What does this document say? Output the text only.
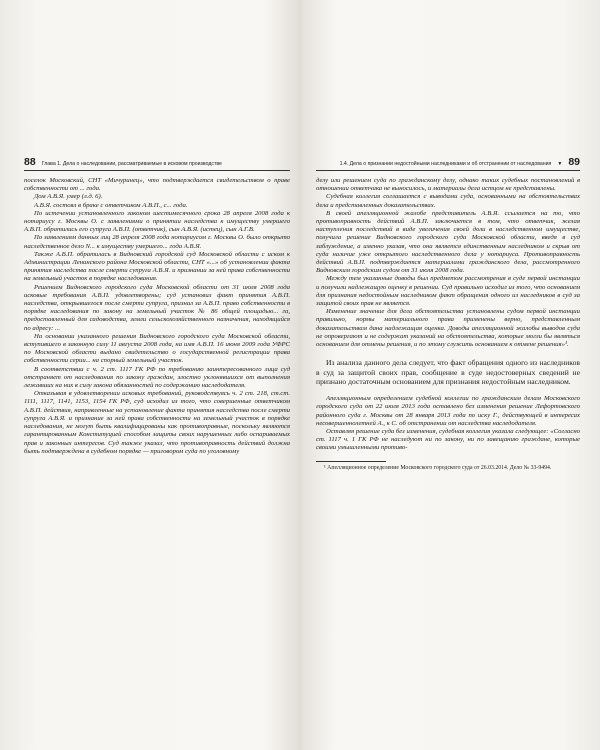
88 Глава 1. Дела о наследовании, рассматриваемые в исковом производстве

поселок Московский, СНТ «Мичуринец», что подтверждается свидетельством о праве собственности от ... года.

Дом А.В.Я. умер (л.д. 6).

А.В.Я. состоял в браке с ответчиком А.В.П., с... года.

По истечении установленного законом шестимесячного срока 28 апреля 2008 года к нотариусу г. Москвы О. с заявлениями о принятии наследства к имуществу умершего А.В.П. обратились его супруга А.В.П. (ответчик), сын А.В.Я. (истец), сын А.Г.В.

По заявлениям данных лиц 28 апреля 2008 года нотариусом г. Москвы О. было открыто наследственное дело N... к имуществу умершего... года А.В.Я.

Также А.В.П. обратилась в Видновский городской суд Московской области с иском к Администрации Ленинского района Московской области, СНТ «...» об установлении факта принятия наследства после смерти супруга А.В.Я. и признании за ней права собственности на земельный участок в порядке наследования.

Решением Видновского городского суда Московской области от 31 июля 2008 года исковые требования А.В.П. удовлетворены; суд установил факт принятия А.В.П. наследства, открывшегося после смерти супруга, признал за А.В.П. право собственности в порядке наследования по закону на земельный участок № 86 общей площадью... га, предоставленный для садоводства, земли сельскохозяйственного назначения, находящийся по адресу: ...

На основании указанного решения Видновского городского суда Московской области, вступившего в законную силу 11 августа 2008 года, на имя А.В.П. 16 июня 2009 года УФРС по Московской области выдано свидетельство о государственной регистрации права собственности серии... на спорный земельный участок.

В соответствии с ч. 2 ст. 1117 ГК РФ по требованию заинтересованного лица суд отстраняет от наследования по закону граждан, злостно уклонявшихся от выполнения лежавших на них в силу закона обязанностей по содержанию наследодателя.

Отказывая в удовлетворении исковых требований, руководствуясь ч. 2 ст. 218, ст.ст. 1111, 1117, 1141, 1153, 1154 ГК РФ, суд исходил из того, что совершенные ответчиком А.В.П. действия, направленные на установление факта принятия наследства после смерти супруга А.В.Я. и признание за ней права собственности на земельный участок в порядке наследования, не могут быть квалифицированы как противоправные, поскольку являются гарантированным Конституцией способом защиты своих нарушенных либо оспариваемых прав и законных интересов. Суд также указал, что противоправность действий должна быть подтверждена в судебном порядке — приговором суда по уголовному

1.4. Дела о признании недостойными наследниками и об отстранении от наследования ▼ 89

делу или решением суда по гражданскому делу, однако таких судебных постановлений в отношении ответчика не выносилось, и материалы дела истцом не представлены.

Судебная коллегия соглашается с выводами суда, основанными на обстоятельствах дела и представленных доказательствах.

В своей апелляционной жалобе представитель А.В.Я. ссылается на то, что противоправность действий А.В.П. заключается в том, что ответчик, желая наступления последствий в виде увеличения своей доли в наследственном имуществе, получила решение Видновского городского суда Московской области, введя в суд заблуждение, а именно указав, что она является единственным наследником и скрыв от суда наличие уже открытого наследственного дела у нотариуса. Противоправность действий А.В.П. подтверждается материалами гражданского дела, рассмотренного Видновским городским судом от 31 июля 2008 года.

Между тем указанные доводы был предметом рассмотрения в суде первой инстанции и получили надлежащую оценку в решении. Суд правильно исходил из того, что основанием для признания недостойным наследником факт обращения одного из наследников в суд за защитой своих прав не является.

Изменение значение для дела обстоятельства установлены судом первой инстанции правильно, нормы материального права применены верно, представленным доказательствам дана надлежащая оценка. Доводы апелляционной жалобы выводов суда не опровергают и не содержат указаний на обстоятельства, которые могли бы являться основанием для отмены решения, и по этому служить основанием к отмене решения»¹.

Из анализа данного дела следует, что факт обращения одного из наследников в суд за защитой своих прав, сообщение в суде недостоверных сведений не признано достаточным основанием для признания недостойным наследником.

Апелляционным определением судебной коллегии по гражданским делам Московского городского суда от 22 июля 2013 года оставлено без изменения решение Лефортовского районного суда г. Москвы от 28 января 2013 года по иску Г., действующей в интересах несовершеннолетней А., к С. об отстранении от наследства наследодателя.

Оставляя решение суда без изменения, судебная коллегия указала следующее: «Согласно ст. 1117 ч. 1 ГК РФ не наследуют ни по закону, ни по завещанию граждане, которые своими умышленными противо-

¹ Апелляционное определение Московского городского суда от 26.03.2014. Дело № 33-9494.
